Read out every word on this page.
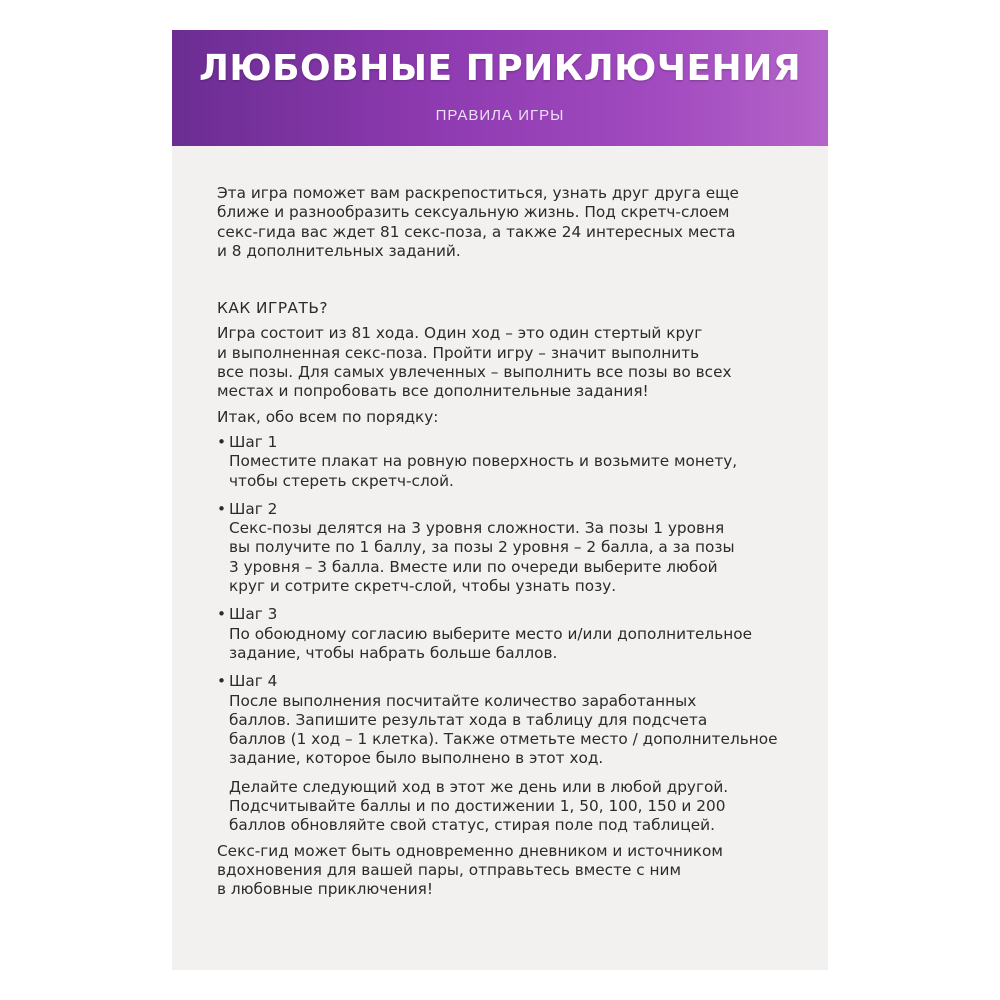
ЛЮБОВНЫЕ ПРИКЛЮЧЕНИЯ
ПРАВИЛА ИГРЫ

Эта игра поможет вам раскрепоститься, узнать друг друга еще
ближе и разнообразить сексуальную жизнь. Под скретч-слоем
секс-гида вас ждет 81 секс-поза, а также 24 интересных места
и 8 дополнительных заданий.

КАК ИГРАТЬ?

Игра состоит из 81 хода. Один ход – это один стертый круг
и выполненная секс-поза. Пройти игру – значит выполнить
все позы. Для самых увлеченных – выполнить все позы во всех
местах и попробовать все дополнительные задания!

Итак, обо всем по порядку:

• Шаг 1

Поместите плакат на ровную поверхность и возьмите монету,
чтобы стереть скретч-слой.

• Шаг 2

Секс-позы делятся на 3 уровня сложности. За позы 1 уровня
вы получите по 1 баллу, за позы 2 уровня – 2 балла, а за позы
3 уровня – 3 балла. Вместе или по очереди выберите любой
круг и сотрите скретч-слой, чтобы узнать позу.

• Шаг 3

По обоюдному согласию выберите место и/или дополнительное
задание, чтобы набрать больше баллов.

• Шаг 4

После выполнения посчитайте количество заработанных
баллов. Запишите результат хода в таблицу для подсчета
баллов (1 ход – 1 клетка). Также отметьте место / дополнительное
задание, которое было выполнено в этот ход.

Делайте следующий ход в этот же день или в любой другой.
Подсчитывайте баллы и по достижении 1, 50, 100, 150 и 200
баллов обновляйте свой статус, стирая поле под таблицей.

Секс-гид может быть одновременно дневником и источником
вдохновения для вашей пары, отправьтесь вместе с ним
в любовные приключения!
